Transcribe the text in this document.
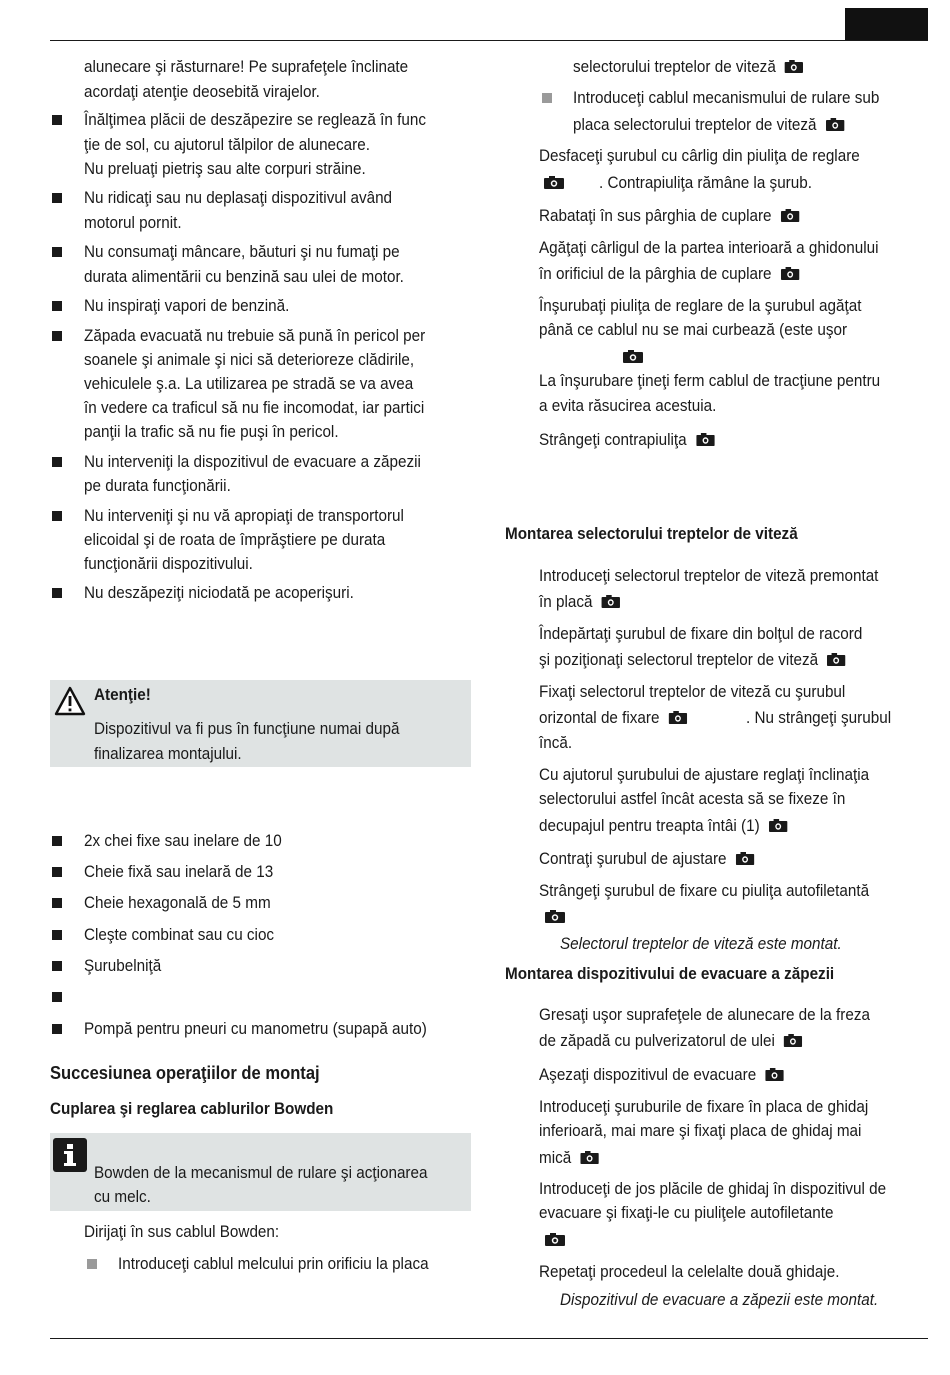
alunecare şi răsturnare! Pe suprafeţele înclinate
acordaţi atenţie deosebită virajelor.
Înălţimea plăcii de deszăpezire se reglează în func
ţie de sol, cu ajutorul tălpilor de alunecare.
Nu preluaţi pietriş sau alte corpuri străine.
Nu ridicaţi sau nu deplasaţi dispozitivul având
motorul pornit.
Nu consumaţi mâncare, băuturi şi nu fumaţi pe
durata alimentării cu benzină sau ulei de motor.
Nu inspiraţi vapori de benzină.
Zăpada evacuată nu trebuie să pună în pericol per
soanele şi animale şi nici să deterioreze clădirile,
vehiculele ş.a. La utilizarea pe stradă se va avea
în vedere ca traficul să nu fie incomodat, iar partici
panţii la trafic să nu fie puşi în pericol.
Nu interveniţi la dispozitivul de evacuare a zăpezii
pe durata funcţionării.
Nu interveniţi şi nu vă apropiaţi de transportorul
elicoidal şi de roata de împrăştiere pe durata
funcţionării dispozitivului.
Nu deszăpeziţi niciodată pe acoperişuri.
Atenţie!
Dispozitivul va fi pus în funcţiune numai după
finalizarea montajului.
2x chei fixe sau inelare de 10
Cheie fixă sau inelară de 13
Cheie hexagonală de 5 mm
Cleşte combinat sau cu cioc
Şurubelniţă
Pompă pentru pneuri cu manometru (supapă auto)
Succesiunea operaţiilor de montaj
Cuplarea şi reglarea cablurilor Bowden
Bowden de la mecanismul de rulare şi acţionarea
cu melc.
Dirijaţi în sus cablul Bowden:
Introduceţi cablul melcului prin orificiu la placa
selectorului treptelor de viteză
Introduceţi cablul mecanismului de rulare sub
placa selectorului treptelor de viteză
Desfaceţi şurubul cu cârlig din piuliţa de reglare
. Contrapiuliţa rămâne la şurub.
Rabataţi în sus pârghia de cuplare
Agăţaţi cârligul de la partea interioară a ghidonului
în orificiul de la pârghia de cuplare
Înşurubaţi piuliţa de reglare de la şurubul agăţat
până ce cablul nu se mai curbează (este uşor
La înşurubare ţineţi ferm cablul de tracţiune pentru
a evita răsucirea acestuia.
Strângeţi contrapiuliţa
Montarea selectorului treptelor de viteză
Introduceţi selectorul treptelor de viteză premontat
în placă
Îndepărtaţi şurubul de fixare din bolţul de racord
şi poziţionaţi selectorul treptelor de viteză
Fixaţi selectorul treptelor de viteză cu şurubul
orizontal de fixare	. Nu strângeţi şurubul
încă.
Cu ajutorul şurubului de ajustare reglaţi înclinaţia
selectorului astfel încât acesta să se fixeze în
decupajul pentru treapta întâi (1)
Contraţi şurubul de ajustare
Strângeţi şurubul de fixare cu piuliţa autofiletantă
Selectorul treptelor de viteză este montat.
Montarea dispozitivului de evacuare a zăpezii
Gresaţi uşor suprafeţele de alunecare de la freza
de zăpadă cu pulverizatorul de ulei
Aşezaţi dispozitivul de evacuare
Introduceţi şuruburile de fixare în placa de ghidaj
inferioară, mai mare şi fixaţi placa de ghidaj mai
mică
Introduceţi de jos plăcile de ghidaj în dispozitivul de
evacuare şi fixaţi-le cu piuliţele autofiletante
Repetaţi procedeul la celelalte două ghidaje.
Dispozitivul de evacuare a zăpezii este montat.
